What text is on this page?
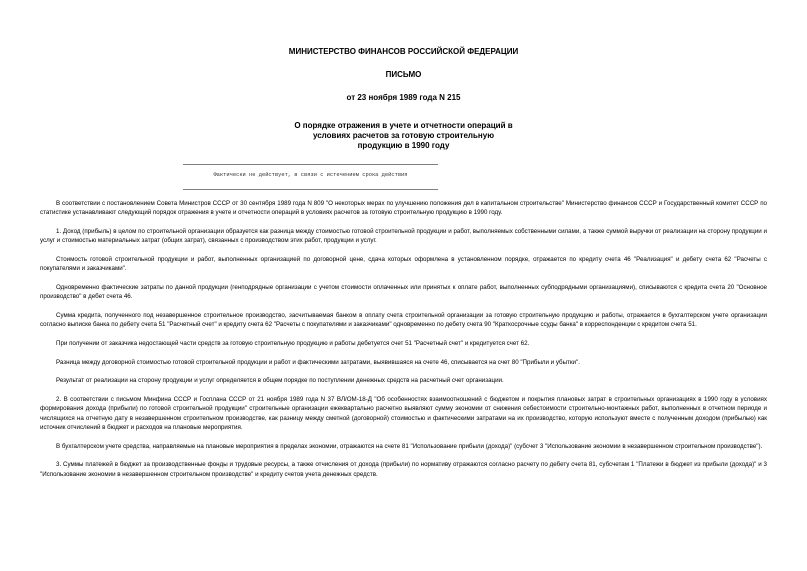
МИНИСТЕРСТВО ФИНАНСОВ РОССИЙСКОЙ ФЕДЕРАЦИИ
ПИСЬМО
от 23 ноября 1989 года N 215
О порядке отражения в учете и отчетности операций в
условиях расчетов за готовую строительную
продукцию в 1990 году
Фактически не действует, в связи с истечением срока действия

В соответствии с постановлением Совета Министров СССР от 30 сентября 1989 года N 809 "О некоторых мерах по улучшению положения дел в капитальном строительстве" Министерство финансов СССР и Государственный комитет СССР по статистике устанавливают следующий порядок отражения в учете и отчетности операций в условиях расчетов за готовую строительную продукцию в 1990 году.

1. Доход (прибыль) в целом по строительной организации образуется как разница между стоимостью готовой строительной продукции и работ, выполняемых собственными силами, а также суммой выручки от реализации на сторону продукции и услуг и стоимостью материальных затрат (общих затрат), связанных с производством этих работ, продукции и услуг.

Стоимость готовой строительной продукции и работ, выполненных организацией по договорной цене, сдача которых оформлена в установленном порядке, отражается по кредиту счета 46 "Реализация" и дебету счета 62 "Расчеты с покупателями и заказчиками".

Одновременно фактические затраты по данной продукции (генподрядные организации с учетом стоимости оплаченных или принятых к оплате работ, выполненных субподрядными организациями), списываются с кредита счета 20 "Основное производство" в дебет счета 46.

Сумма кредита, полученного под незавершенное строительное производство, засчитываемая банком в оплату счета строительной организации за готовую строительную продукцию и работы, отражается в бухгалтерском учете организации согласно выписке банка по дебету счета 51 "Расчетный счет" и кредиту счета 62 "Расчеты с покупателями и заказчиками" одновременно по дебету счета 90 "Краткосрочные ссуды банка" в корреспонденции с кредитом счета 51.

При получении от заказчика недостающей части средств за готовую строительную продукцию и работы дебетуется счет 51 "Расчетный счет" и кредитуется счет 62.

Разница между договорной стоимостью готовой строительной продукции и работ и фактическими затратами, выявившаяся на счете 46, списывается на счет 80 "Прибыли и убытки".

Результат от реализации на сторону продукции и услуг определяется в общем порядке по поступлении денежных средств на расчетный счет организации.

2. В соответствии с письмом Минфина СССР и Госплана СССР от 21 ноября 1989 года N 37 ВЛ/ОМ-18-Д "Об особенностях взаимоотношений с бюджетом и покрытия плановых затрат в строительных организациях в 1990 году в условиях формирования дохода (прибыли) по готовой строительной продукции" строительные организации ежеквартально расчетно выявляют сумму экономии от снижения себестоимости строительно-монтажных работ, выполненных в отчетном периоде и числящихся на отчетную дату в незавершенном строительном производстве, как разницу между сметной (договорной) стоимостью и фактическими затратами на их производство, которую используют вместе с полученным доходом (прибылью) как источник отчислений в бюджет и расходов на плановые мероприятия.

В бухгалтерском учете средства, направляемые на плановые мероприятия в пределах экономии, отражаются на счете 81 "Использование прибыли (дохода)" (субсчет 3 "Использование экономии в незавершенном строительном производстве").

3. Суммы платежей в бюджет за производственные фонды и трудовые ресурсы, а также отчисления от дохода (прибыли) по нормативу отражаются согласно расчету по дебету счета 81, субсчетам 1 "Платежи в бюджет из прибыли (дохода)" и 3 "Использование экономии в незавершенном строительном производстве" и кредиту счетов учета денежных средств.
